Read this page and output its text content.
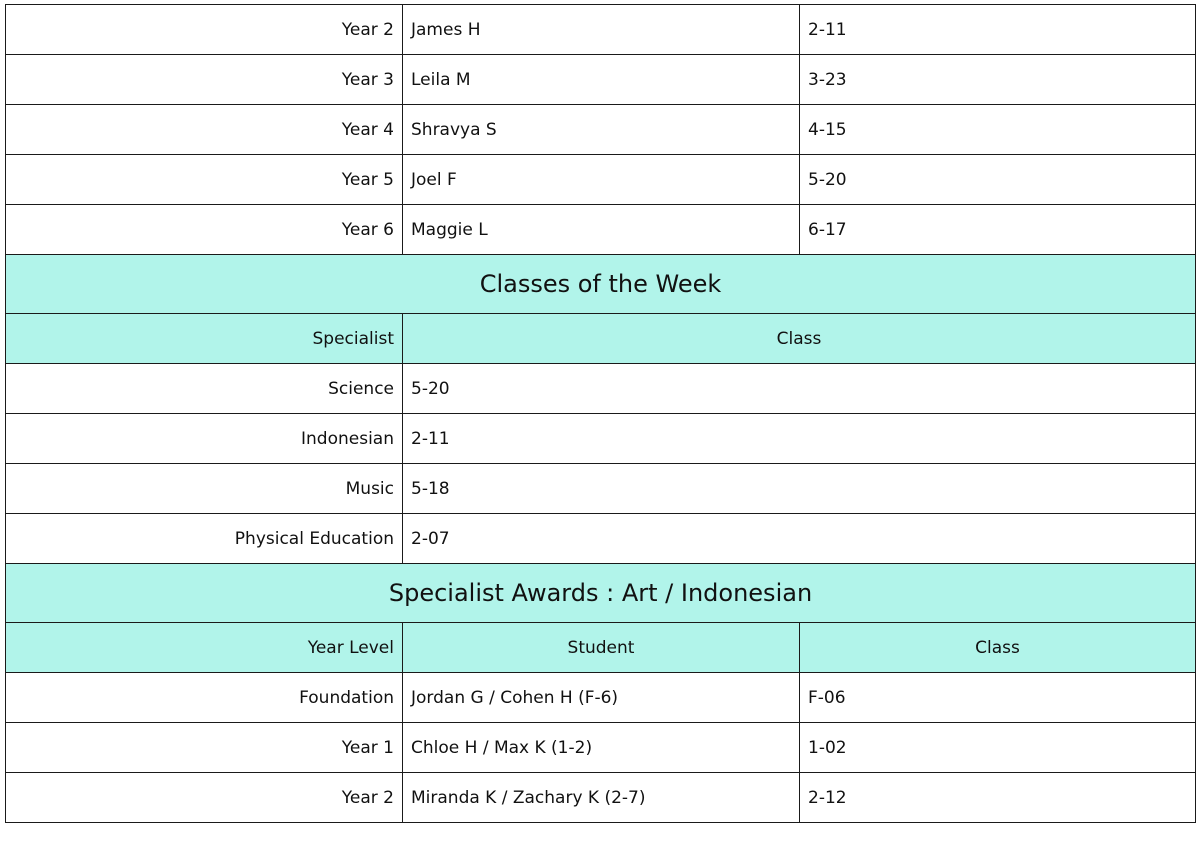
Year 2	James H	2-11
Year 3	Leila M	3-23
Year 4	Shravya S	4-15
Year 5	Joel F	5-20
Year 6	Maggie L	6-17
Classes of the Week		
Specialist	Class	
Science	5-20	
Indonesian	2-11	
Music	5-18	
Physical Education	2-07	
Specialist Awards : Art / Indonesian		
Year Level	Student	Class
Foundation	Jordan G / Cohen H (F-6)	F-06
Year 1	Chloe H / Max K (1-2)	1-02
Year 2	Miranda K / Zachary K (2-7)	2-12
